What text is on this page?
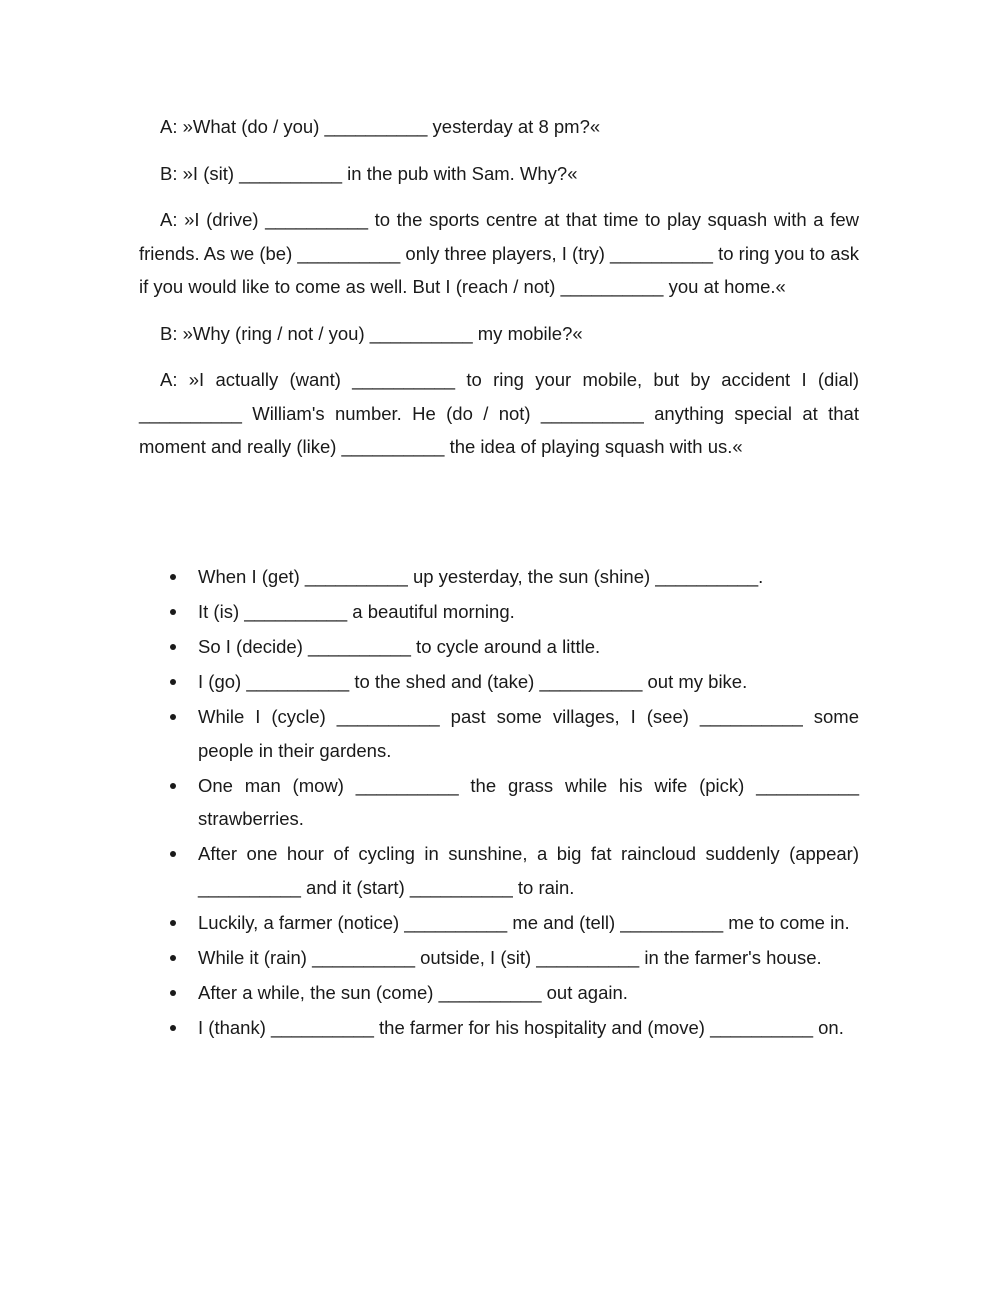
A: »What (do / you) __________ yesterday at 8 pm?«

B: »I (sit) __________ in the pub with Sam. Why?«

A: »I (drive) __________ to the sports centre at that time to play squash with a few friends. As we (be) __________ only three players, I (try) __________ to ring you to ask if you would like to come as well. But I (reach / not) __________ you at home.«

B: »Why (ring / not / you) __________ my mobile?«

A: »I actually (want) __________ to ring your mobile, but by accident I (dial) __________ William's number. He (do / not) __________ anything special at that moment and really (like) __________ the idea of playing squash with us.«

When I (get) __________ up yesterday, the sun (shine) __________.
It (is) __________ a beautiful morning.
So I (decide) __________ to cycle around a little.
I (go) __________ to the shed and (take) __________ out my bike.
While I (cycle) __________ past some villages, I (see) __________ some people in their gardens.
One man (mow) __________ the grass while his wife (pick) __________ strawberries.
After one hour of cycling in sunshine, a big fat raincloud suddenly (appear) __________ and it (start) __________ to rain.
Luckily, a farmer (notice) __________ me and (tell) __________ me to come in.
While it (rain) __________ outside, I (sit) __________ in the farmer's house.
After a while, the sun (come) __________ out again.
I (thank) __________ the farmer for his hospitality and (move) __________ on.
